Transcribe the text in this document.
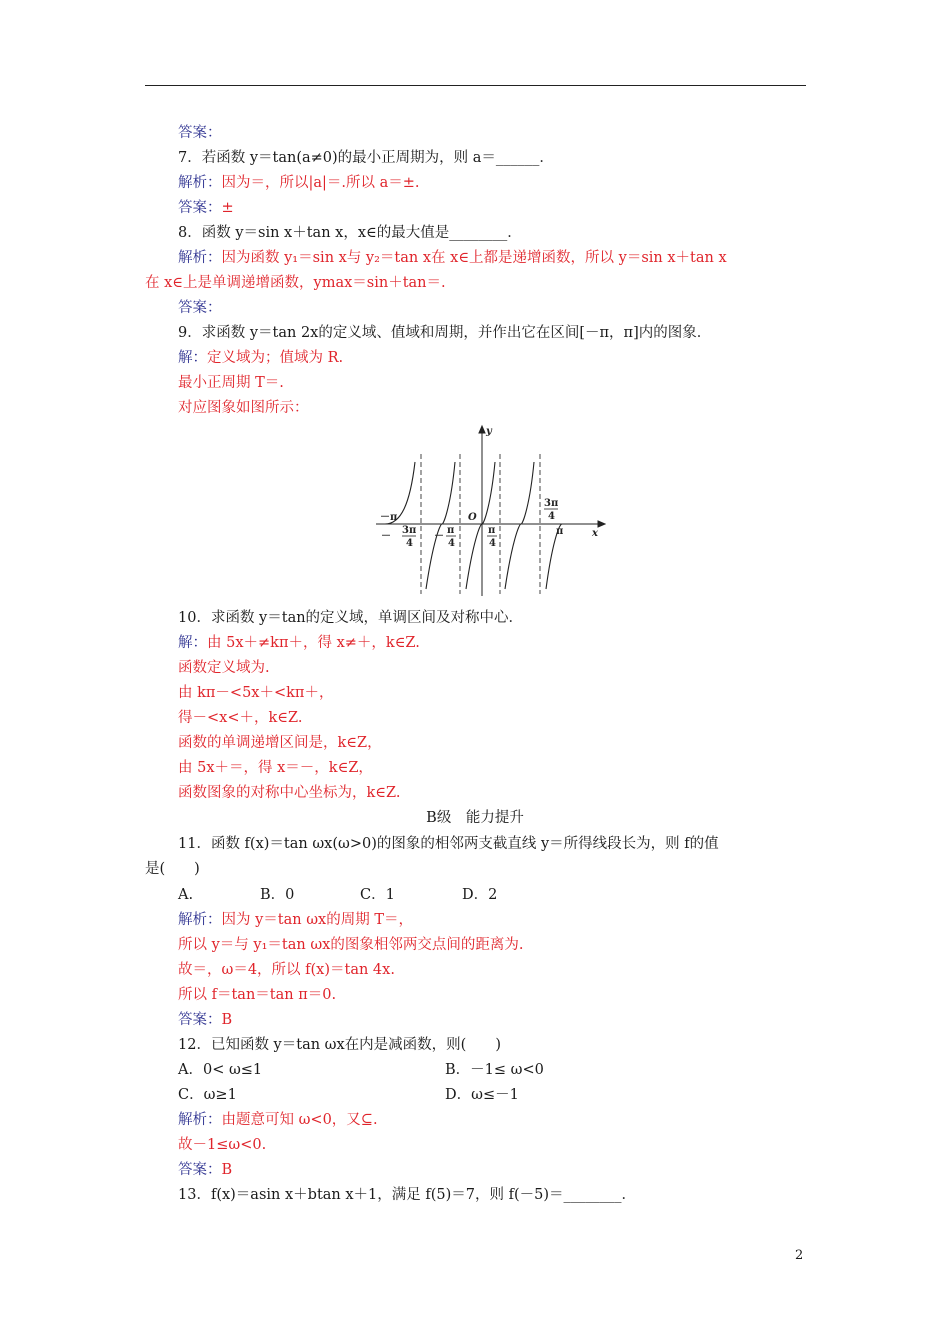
答案：
7．若函数 y＝tan(a≠0)的最小正周期为，则 a＝______．
解析：因为＝，所以|a|＝.所以 a＝±.
答案：±
8．函数 y＝sin x＋tan x，x∈的最大值是________．
解析：因为函数 y₁＝sin x与 y₂＝tan x在 x∈上都是递增函数，所以 y＝sin x＋tan x
在 x∈上是单调递增函数，ymax＝sin＋tan＝.
答案：
9．求函数 y＝tan 2x的定义域、值域和周期，并作出它在区间[－π，π]内的图象．
解：定义域为；值域为 R.
最小正周期 T＝.
对应图象如图所示：
10．求函数 y＝tan的定义域，单调区间及对称中心．
解：由 5x＋≠kπ＋，得 x≠＋，k∈Z.
函数定义域为.
由 kπ－<5x＋<kπ＋，
得－<x<＋，k∈Z.
函数的单调递增区间是，k∈Z，
由 5x＋＝，得 x＝－，k∈Z，
函数图象的对称中心坐标为，k∈Z.
B级　能力提升
11．函数 f(x)＝tan ωx(ω>0)的图象的相邻两支截直线 y＝所得线段长为，则 f的值
是(　　)
解析：因为 y＝tan ωx的周期 T＝，
所以 y＝与 y₁＝tan ωx的图象相邻两交点间的距离为.
故＝，ω＝4，所以 f(x)＝tan 4x.
所以 f＝tan＝tan π＝0.
答案：B
12．已知函数 y＝tan ωx在内是减函数，则(　　)
解析：由题意可知 ω<0，又⊆.
故－1≤ω<0.
答案：B
13．f(x)＝asin x＋btan x＋1，满足 f(5)＝7，则 f(－5)＝________．
A.	B．0	C．1	D．2
A．0< ω≤1	B．－1≤ ω<0
C．ω≥1	D．ω≤－1
y
x
O
－π
π
－
3π
4
－
π
4
π
4
3π
4
2
